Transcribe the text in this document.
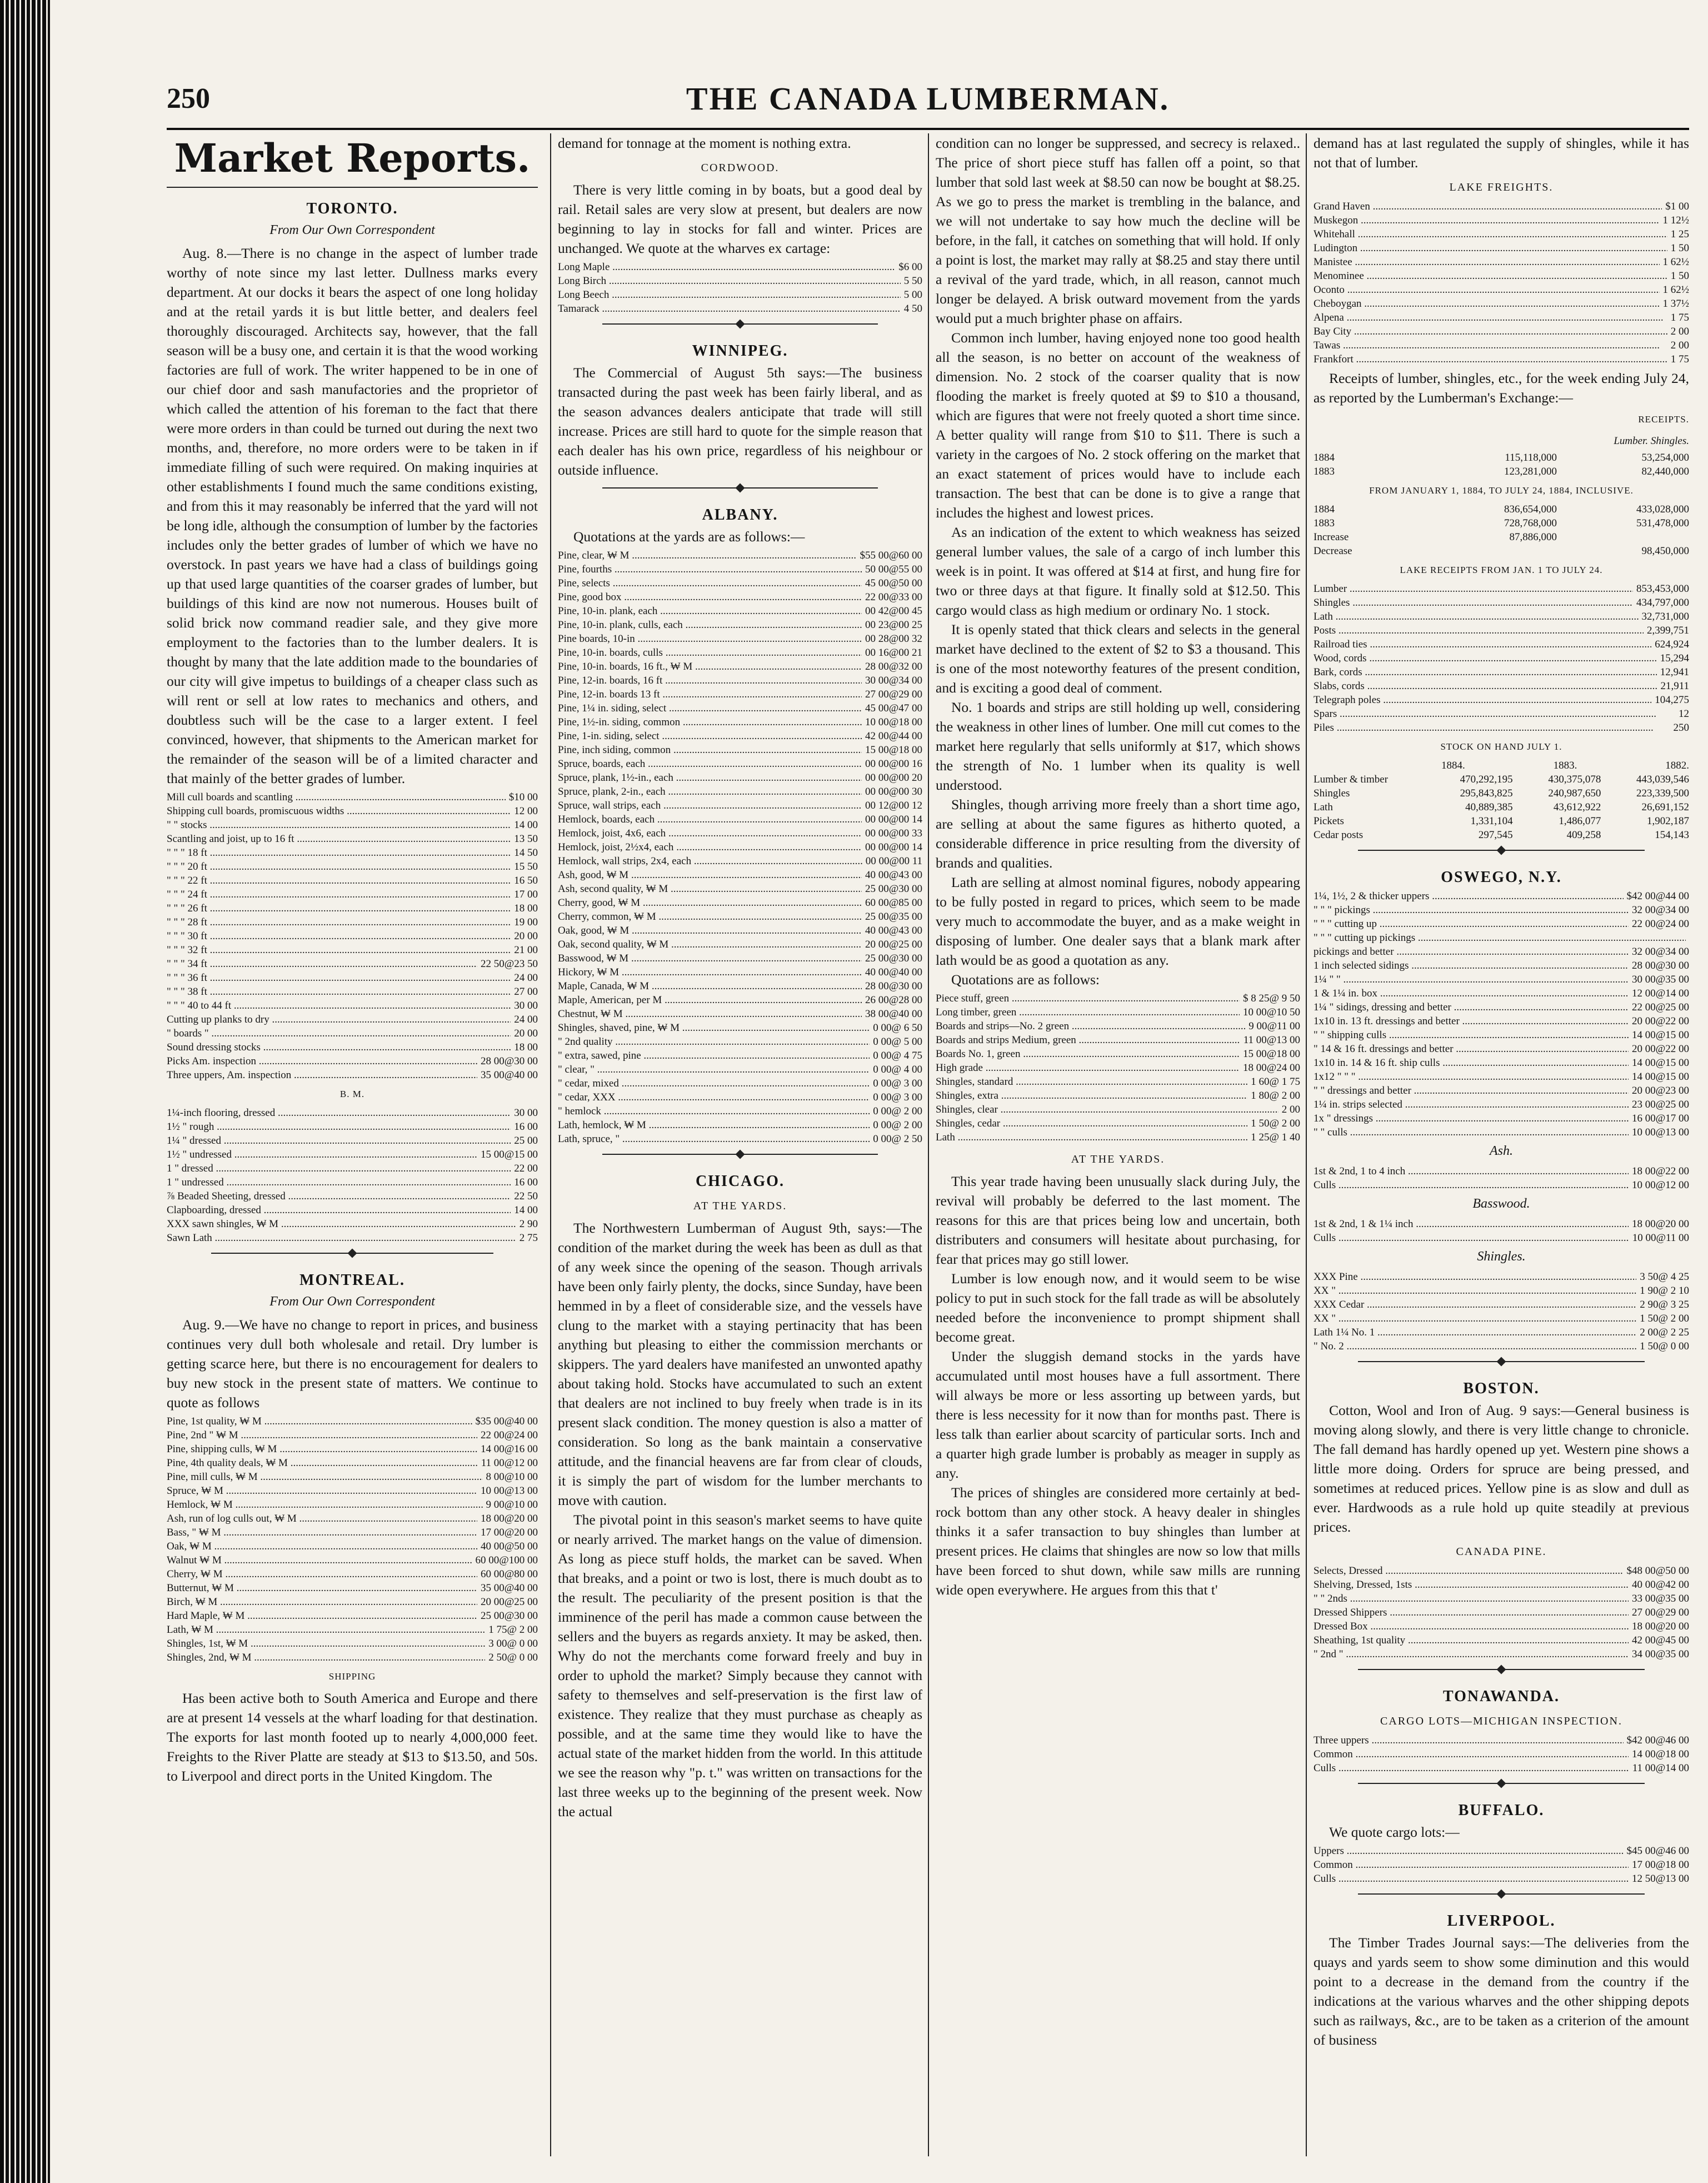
250	THE CANADA LUMBERMAN.
Market Reports.
TORONTO.
From Our Own Correspondent

Aug. 8.—There is no change in the aspect of lumber trade worthy of note since my last letter. Dullness marks every department. At our docks it bears the aspect of one long holiday and at the retail yards it is but little better, and dealers feel thoroughly discouraged. Architects say, however, that the fall season will be a busy one, and certain it is that the wood working factories are full of work. The writer happened to be in one of our chief door and sash manufactories and the proprietor of which called the attention of his foreman to the fact that there were more orders in than could be turned out during the next two months, and, therefore, no more orders were to be taken in if immediate filling of such were required. On making inquiries at other establishments I found much the same conditions existing, and from this it may reasonably be inferred that the yard will not be long idle, although the consumption of lumber by the factories includes only the better grades of lumber of which we have no overstock. In past years we have had a class of buildings going up that used large quantities of the coarser grades of lumber, but buildings of this kind are now not numerous. Houses built of solid brick now command readier sale, and they give more employment to the factories than to the lumber dealers. It is thought by many that the late addition made to the boundaries of our city will give impetus to buildings of a cheaper class such as will rent or sell at low rates to mechanics and others, and doubtless such will be the case to a larger extent. I feel convinced, however, that shipments to the American market for the remainder of the season will be of a limited character and that mainly of the better grades of lumber.

Mill cull boards and scantling .....	$10 00
Shipping cull boards, promiscuous widths .....	12 00
" " stocks .....	14 00
Scantling and joist, up to 16 ft .....	13 50
" " " 18 ft .....	14 50
" " " 20 ft .....	15 50
" " " 22 ft .....	16 50
" " " 24 ft .....	17 00
" " " 26 ft .....	18 00
" " " 28 ft .....	19 00
" " " 30 ft .....	20 00
" " " 32 ft .....	21 00
" " " 34 ft .....	22 50@23 50
" " " 36 ft .....	24 00
" " " 38 ft .....	27 00
" " " 40 to 44 ft .....	30 00
Cutting up planks to dry .....	24 00
" boards " .....	20 00
Sound dressing stocks .....	18 00
Picks Am. inspection .....	28 00@30 00
Three uppers, Am. inspection .....	35 00@40 00
B. M.
1¼-inch flooring, dressed .....	30 00
1½ " rough .....	16 00
1¼ " dressed .....	25 00
1½ " undressed .....	15 00@15 00
1 " dressed .....	22 00
1 " undressed .....	16 00
⅞ Beaded Sheeting, dressed .....	22 50
Clapboarding, dressed .....	14 00
XXX sawn shingles, ₩ M .....	2 90
Sawn Lath .....	2 75
MONTREAL.
From Our Own Correspondent

Aug. 9.—We have no change to report in prices, and business continues very dull both wholesale and retail. Dry lumber is getting scarce here, but there is no encouragement for dealers to buy new stock in the present state of matters. We continue to quote as follows

Pine, 1st quality, ₩ M .....	$35 00@40 00
Pine, 2nd " ₩ M .....	22 00@24 00
Pine, shipping culls, ₩ M .....	14 00@16 00
Pine, 4th quality deals, ₩ M .....	11 00@12 00
Pine, mill culls, ₩ M .....	8 00@10 00
Spruce, ₩ M .....	10 00@13 00
Hemlock, ₩ M .....	9 00@10 00
Ash, run of log culls out, ₩ M .....	18 00@20 00
Bass, " ₩ M .....	17 00@20 00
Oak, ₩ M .....	40 00@50 00
Walnut ₩ M .....	60 00@100 00
Cherry, ₩ M .....	60 00@80 00
Butternut, ₩ M .....	35 00@40 00
Birch, ₩ M .....	20 00@25 00
Hard Maple, ₩ M .....	25 00@30 00
Lath, ₩ M .....	1 75@ 2 00
Shingles, 1st, ₩ M .....	3 00@ 0 00
Shingles, 2nd, ₩ M .....	2 50@ 0 00
SHIPPING

Has been active both to South America and Europe and there are at present 14 vessels at the wharf loading for that destination. The exports for last month footed up to nearly 4,000,000 feet. Freights to the River Platte are steady at $13 to $13.50, and 50s. to Liverpool and direct ports in the United Kingdom. The

demand for tonnage at the moment is nothing extra.

CORDWOOD.

There is very little coming in by boats, but a good deal by rail. Retail sales are very slow at present, but dealers are now beginning to lay in stocks for fall and winter. Prices are unchanged. We quote at the wharves ex cartage:

Long Maple .....	$6 00
Long Birch .....	5 50
Long Beech .....	5 00
Tamarack .....	4 50
WINNIPEG.

The Commercial of August 5th says:—The business transacted during the past week has been fairly liberal, and as the season advances dealers anticipate that trade will still increase. Prices are still hard to quote for the simple reason that each dealer has his own price, regardless of his neighbour or outside influence.

ALBANY.

Quotations at the yards are as follows:—

Pine, clear, ₩ M .....	$55 00@60 00
Pine, fourths .....	50 00@55 00
Pine, selects .....	45 00@50 00
Pine, good box .....	22 00@33 00
Pine, 10-in. plank, each .....	00 42@00 45
Pine, 10-in. plank, culls, each .....	00 23@00 25
Pine boards, 10-in .....	00 28@00 32
Pine, 10-in. boards, culls .....	00 16@00 21
Pine, 10-in. boards, 16 ft., ₩ M .....	28 00@32 00
Pine, 12-in. boards, 16 ft .....	30 00@34 00
Pine, 12-in. boards 13 ft .....	27 00@29 00
Pine, 1¼ in. siding, select .....	45 00@47 00
Pine, 1½-in. siding, common .....	10 00@18 00
Pine, 1-in. siding, select .....	42 00@44 00
Pine, inch siding, common .....	15 00@18 00
Spruce, boards, each .....	00 00@00 16
Spruce, plank, 1½-in., each .....	00 00@00 20
Spruce, plank, 2-in., each .....	00 00@00 30
Spruce, wall strips, each .....	00 12@00 12
Hemlock, boards, each .....	00 00@00 14
Hemlock, joist, 4x6, each .....	00 00@00 33
Hemlock, joist, 2½x4, each .....	00 00@00 14
Hemlock, wall strips, 2x4, each .....	00 00@00 11
Ash, good, ₩ M .....	40 00@43 00
Ash, second quality, ₩ M .....	25 00@30 00
Cherry, good, ₩ M .....	60 00@85 00
Cherry, common, ₩ M .....	25 00@35 00
Oak, good, ₩ M .....	40 00@43 00
Oak, second quality, ₩ M .....	20 00@25 00
Basswood, ₩ M .....	25 00@30 00
Hickory, ₩ M .....	40 00@40 00
Maple, Canada, ₩ M .....	28 00@30 00
Maple, American, per M .....	26 00@28 00
Chestnut, ₩ M .....	38 00@40 00
Shingles, shaved, pine, ₩ M .....	0 00@ 6 50
" 2nd quality .....	0 00@ 5 00
" extra, sawed, pine .....	0 00@ 4 75
" clear, " .....	0 00@ 4 00
" cedar, mixed .....	0 00@ 3 00
" cedar, XXX .....	0 00@ 3 00
" hemlock .....	0 00@ 2 00
Lath, hemlock, ₩ M .....	0 00@ 2 00
Lath, spruce, " .....	0 00@ 2 50
CHICAGO.
AT THE YARDS.

The Northwestern Lumberman of August 9th, says:—The condition of the market during the week has been as dull as that of any week since the opening of the season. Though arrivals have been only fairly plenty, the docks, since Sunday, have been hemmed in by a fleet of considerable size, and the vessels have clung to the market with a staying pertinacity that has been anything but pleasing to either the commission merchants or skippers. The yard dealers have manifested an unwonted apathy about taking hold. Stocks have accumulated to such an extent that dealers are not inclined to buy freely when trade is in its present slack condition. The money question is also a matter of consideration. So long as the bank maintain a conservative attitude, and the financial heavens are far from clear of clouds, it is simply the part of wisdom for the lumber merchants to move with caution.

The pivotal point in this season's market seems to have quite or nearly arrived. The market hangs on the value of dimension. As long as piece stuff holds, the market can be saved. When that breaks, and a point or two is lost, there is much doubt as to the result. The peculiarity of the present position is that the imminence of the peril has made a common cause between the sellers and the buyers as regards anxiety. It may be asked, then. Why do not the merchants come forward freely and buy in order to uphold the market? Simply because they cannot with safety to themselves and self-preservation is the first law of existence. They realize that they must purchase as cheaply as possible, and at the same time they would like to have the actual state of the market hidden from the world. In this attitude we see the reason why "p. t." was written on transactions for the last three weeks up to the beginning of the present week. Now the actual

condition can no longer be suppressed, and secrecy is relaxed.. The price of short piece stuff has fallen off a point, so that lumber that sold last week at $8.50 can now be bought at $8.25. As we go to press the market is trembling in the balance, and we will not undertake to say how much the decline will be before, in the fall, it catches on something that will hold. If only a point is lost, the market may rally at $8.25 and stay there until a revival of the yard trade, which, in all reason, cannot much longer be delayed. A brisk outward movement from the yards would put a much brighter phase on affairs.

Common inch lumber, having enjoyed none too good health all the season, is no better on account of the weakness of dimension. No. 2 stock of the coarser quality that is now flooding the market is freely quoted at $9 to $10 a thousand, which are figures that were not freely quoted a short time since. A better quality will range from $10 to $11. There is such a variety in the cargoes of No. 2 stock offering on the market that an exact statement of prices would have to include each transaction. The best that can be done is to give a range that includes the highest and lowest prices.

As an indication of the extent to which weakness has seized general lumber values, the sale of a cargo of inch lumber this week is in point. It was offered at $14 at first, and hung fire for two or three days at that figure. It finally sold at $12.50. This cargo would class as high medium or ordinary No. 1 stock.

It is openly stated that thick clears and selects in the general market have declined to the extent of $2 to $3 a thousand. This is one of the most noteworthy features of the present condition, and is exciting a good deal of comment.

No. 1 boards and strips are still holding up well, considering the weakness in other lines of lumber. One mill cut comes to the market here regularly that sells uniformly at $17, which shows the strength of No. 1 lumber when its quality is well understood.

Shingles, though arriving more freely than a short time ago, are selling at about the same figures as hitherto quoted, a considerable difference in price resulting from the diversity of brands and qualities.

Lath are selling at almost nominal figures, nobody appearing to be fully posted in regard to prices, which seem to be made very much to accommodate the buyer, and as a make weight in disposing of lumber. One dealer says that a blank mark after lath would be as good a quotation as any.

Quotations are as follows:

Piece stuff, green .....	$ 8 25@ 9 50
Long timber, green .....	10 00@10 50
Boards and strips—No. 2 green .....	9 00@11 00
Boards and strips Medium, green .....	11 00@13 00
Boards No. 1, green .....	15 00@18 00
High grade .....	18 00@24 00
Shingles, standard .....	1 60@ 1 75
Shingles, extra .....	1 80@ 2 00
Shingles, clear .....	2 00
Shingles, cedar .....	1 50@ 2 00
Lath .....	1 25@ 1 40
AT THE YARDS.

This year trade having been unusually slack during July, the revival will probably be deferred to the last moment. The reasons for this are that prices being low and uncertain, both distributers and consumers will hesitate about purchasing, for fear that prices may go still lower.

Lumber is low enough now, and it would seem to be wise policy to put in such stock for the fall trade as will be absolutely needed before the inconvenience to prompt shipment shall become great.

Under the sluggish demand stocks in the yards have accumulated until most houses have a full assortment. There will always be more or less assorting up between yards, but there is less necessity for it now than for months past. There is less talk than earlier about scarcity of particular sorts. Inch and a quarter high grade lumber is probably as meager in supply as any.

The prices of shingles are considered more certainly at bed-rock bottom than any other stock. A heavy dealer in shingles thinks it a safer transaction to buy shingles than lumber at present prices. He claims that shingles are now so low that mills have been forced to shut down, while saw mills are running wide open everywhere. He argues from this that t'

demand has at last regulated the supply of shingles, while it has not that of lumber.

LAKE FREIGHTS.
Grand Haven .....	$1 00
Muskegon .....	1 12½
Whitehall .....	1 25
Ludington .....	1 50
Manistee .....	1 62½
Menominee .....	1 50
Oconto .....	1 62½
Cheboygan .....	1 37½
Alpena .....	1 75
Bay City .....	2 00
Tawas .....	2 00
Frankfort .....	1 75

Receipts of lumber, shingles, etc., for the week ending July 24, as reported by the Lumberman's Exchange:—

RECEIPTS.
Lumber. Shingles.
1884	115,118,000	53,254,000
1883	123,281,000	82,440,000
FROM JANUARY 1, 1884, TO JULY 24, 1884, INCLUSIVE.
1884	836,654,000	433,028,000
1883	728,768,000	531,478,000
Increase	87,886,000
Decrease	98,450,000
LAKE RECEIPTS FROM JAN. 1 TO JULY 24.
Lumber .....	853,453,000
Shingles .....	434,797,000
Lath .....	32,731,000
Posts .....	2,399,751
Railroad ties .....	624,924
Wood, cords .....	15,294
Bark, cords .....	12,941
Slabs, cords .....	21,911
Telegraph poles .....	104,275
Spars .....	12
Piles .....	250
STOCK ON HAND JULY 1.
1884.	1883.	1882.
Lumber & timber	470,292,195	430,375,078	443,039,546
Shingles	295,843,825	240,987,650	223,339,500
Lath	40,889,385	43,612,922	26,691,152
Pickets	1,331,104	1,486,077	1,902,187
Cedar posts	297,545	409,258	154,143
OSWEGO, N.Y.
1¼, 1½, 2 & thicker uppers .....	$42 00@44 00
" " " pickings .....	32 00@34 00
" " " cutting up .....	22 00@24 00
" " " cutting up pickings .....
pickings and better .....	32 00@34 00
1 inch selected sidings .....	28 00@30 00
1¼ " " .....	30 00@35 00
1 & 1¼ in. box .....	12 00@14 00
1¼ " sidings, dressing and better .....	22 00@25 00
1x10 in. 13 ft. dressings and better .....	20 00@22 00
" " shipping culls .....	14 00@15 00
" 14 & 16 ft. dressings and better .....	20 00@22 00
1x10 in. 14 & 16 ft. ship culls .....	14 00@15 00
1x12 " " " .....	14 00@15 00
" " dressings and better .....	20 00@23 00
1¼ in. strips selected .....	23 00@25 00
1x " dressings .....	16 00@17 00
" " culls .....	10 00@13 00
Ash.
1st & 2nd, 1 to 4 inch .....	18 00@22 00
Culls .....	10 00@12 00
Basswood.
1st & 2nd, 1 & 1¼ inch .....	18 00@20 00
Culls .....	10 00@11 00
Shingles.
XXX Pine .....	3 50@ 4 25
XX " .....	1 90@ 2 10
XXX Cedar .....	2 90@ 3 25
XX " .....	1 50@ 2 00
Lath 1¼ No. 1 .....	2 00@ 2 25
" No. 2 .....	1 50@ 0 00
BOSTON.

Cotton, Wool and Iron of Aug. 9 says:—General business is moving along slowly, and there is very little change to chronicle. The fall demand has hardly opened up yet. Western pine shows a little more doing. Orders for spruce are being pressed, and sometimes at reduced prices. Yellow pine is as slow and dull as ever. Hardwoods as a rule hold up quite steadily at previous prices.

CANADA PINE.
Selects, Dressed .....	$48 00@50 00
Shelving, Dressed, 1sts .....	40 00@42 00
" " 2nds .....	33 00@35 00
Dressed Shippers .....	27 00@29 00
Dressed Box .....	18 00@20 00
Sheathing, 1st quality .....	42 00@45 00
" 2nd " .....	34 00@35 00
TONAWANDA.
CARGO LOTS—MICHIGAN INSPECTION.
Three uppers .....	$42 00@46 00
Common .....	14 00@18 00
Culls .....	11 00@14 00
BUFFALO.

We quote cargo lots:—

Uppers .....	$45 00@46 00
Common .....	17 00@18 00
Culls .....	12 50@13 00
LIVERPOOL.

The Timber Trades Journal says:—The deliveries from the quays and yards seem to show some diminution and this would point to a decrease in the demand from the country if the indications at the various wharves and the other shipping depots such as railways, &c., are to be taken as a criterion of the amount of business
